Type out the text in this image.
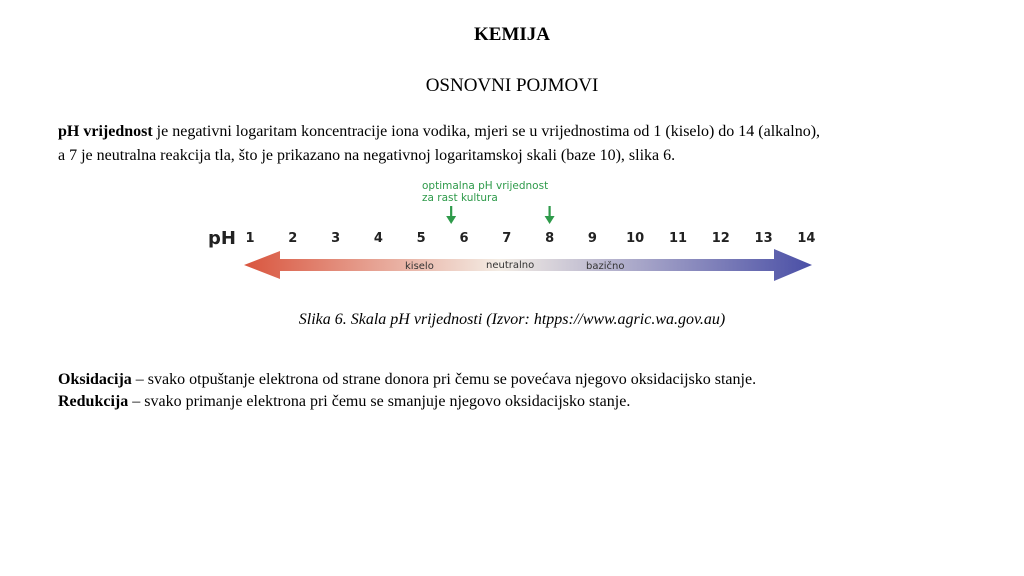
KEMIJA
OSNOVNI POJMOVI
pH vrijednost je negativni logaritam koncentracije iona vodika, mjeri se u vrijednostima od 1 (kiselo) do 14 (alkalno),
a 7 je neutralna reakcija tla, što je prikazano na negativnoj logaritamskoj skali (baze 10), slika 6.
optimalna pH vrijednost
za rast kultura
pH 1	2	3	4	5	6	7	8	9 10 11 12 13 14
kiselo	neutralno	bazično
Slika 6. Skala pH vrijednosti (Izvor: htpps://www.agric.wa.gov.au)
Oksidacija – svako otpuštanje elektrona od strane donora pri čemu se povećava njegovo oksidacijsko stanje.
Redukcija – svako primanje elektrona pri čemu se smanjuje njegovo oksidacijsko stanje.
